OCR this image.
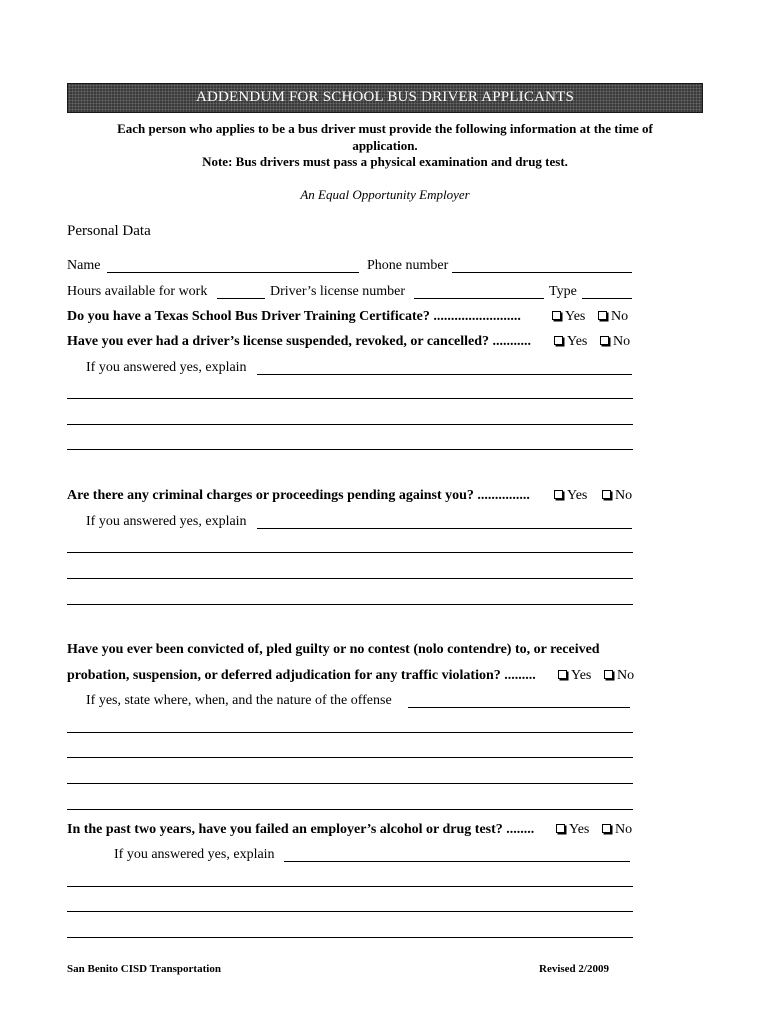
ADDENDUM FOR SCHOOL BUS DRIVER APPLICANTS
Each person who applies to be a bus driver must provide the following information at the time of
application.
Note: Bus drivers must pass a physical examination and drug test.
An Equal Opportunity Employer
Personal Data
Name	Phone number
Hours available for work	Driver’s license number	Type
Do you have a Texas School Bus Driver Training Certificate? .........................	Yes	No
Have you ever had a driver’s license suspended, revoked, or cancelled? ...........	Yes	No
If you answered yes, explain
Are there any criminal charges or proceedings pending against you? ...............	Yes	No
If you answered yes, explain
Have you ever been convicted of, pled guilty or no contest (nolo contendre) to, or received
probation, suspension, or deferred adjudication for any traffic violation? .........	Yes	No
If yes, state where, when, and the nature of the offense
In the past two years, have you failed an employer’s alcohol or drug test? ........	Yes	No
If you answered yes, explain
San Benito CISD Transportation	Revised 2/2009
